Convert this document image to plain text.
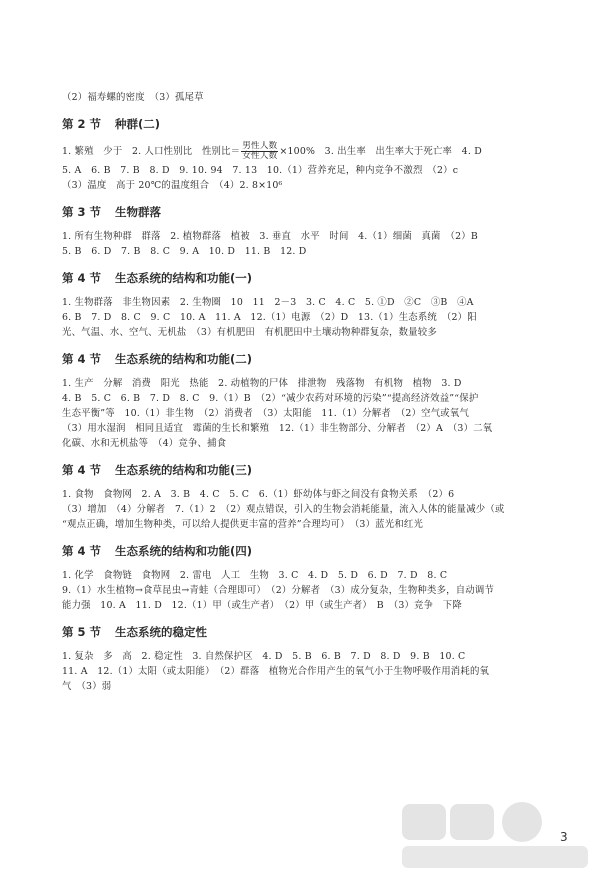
（2）福寿螺的密度　（3）孤尾草
第 2 节 种群(二)
1. 繁殖　少于　2. 人口性别比　性别比＝ $\frac{\text{男性人数}}{\text{女性人数}} \times 100\%$　3. 出生率　出生率大于死亡率　4. D
5. A　6. B　7. B　8. D　9. 10. 94　7. 13　10.（1）营养充足，种内竞争不激烈　（2）c
（3）温度　高于 20℃的温度组合　（4）2. 8×10⁶
第 3 节 生物群落
1. 所有生物种群　群落　2. 植物群落　植被　3. 垂直　水平　时间　4.（1）细菌　真菌　（2）B
5. B　6. D　7. B　8. C　9. A　10. D　11. B　12. D
第 4 节 生态系统的结构和功能(一)
1. 生物群落　非生物因素　2. 生物圈　10　11　2－3　3. C　4. C　5. ①D　②C　③B　④A
6. B　7. D　8. C　9. C　10. A　11. A　12.（1）电源　（2）D　13.（1）生态系统　（2）阳
光、气温、水、空气、无机盐　（3）有机肥田　有机肥田中土壤动物种群复杂，数量较多
第 4 节 生态系统的结构和功能(二)
1. 生产　分解　消费　阳光　热能　2. 动植物的尸体　排泄物　残落物　有机物　植物　3. D
4. B　5. C　6. B　7. D　8. C　9.（1）B　（2）“减少农药对环境的污染”“提高经济效益”“保护
生态平衡”等　10.（1）非生物　（2）消费者　（3）太阳能　11.（1）分解者　（2）空气或氧气
（3）用水湿润　相同且适宜　霉菌的生长和繁殖　12.（1）非生物部分、分解者　（2）A　（3）二氧
化碳、水和无机盐等　（4）竞争、捕食
第 4 节 生态系统的结构和功能(三)
1. 食物　食物网　2. A　3. B　4. C　5. C　6.（1）虾幼体与虾之间没有食物关系　（2）6
（3）增加　（4）分解者　7.（1）2　（2）观点错误，引入的生物会消耗能量，流入人体的能量减少（或
“观点正确，增加生物种类，可以给人提供更丰富的营养”合理均可）　（3）蓝光和红光
第 4 节 生态系统的结构和功能(四)
1. 化学　食物链　食物网　2. 雷电　人工　生物　3. C　4. D　5. D　6. D　7. D　8. C
9.（1）水生植物→食草昆虫→青蛙（合理即可）　（2）分解者　（3）成分复杂，生物种类多，自动调节
能力强　10. A　11. D　12.（1）甲（或生产者）　（2）甲（或生产者）　B　（3）竞争　下降
第 5 节 生态系统的稳定性
1. 复杂　多　高　2. 稳定性　3. 自然保护区　4. D　5. B　6. B　7. D　8. D　9. B　10. C
11. A　12.（1）太阳（或太阳能）　（2）群落　植物光合作用产生的氧气小于生物呼吸作用消耗的氧
气　（3）弱
3
